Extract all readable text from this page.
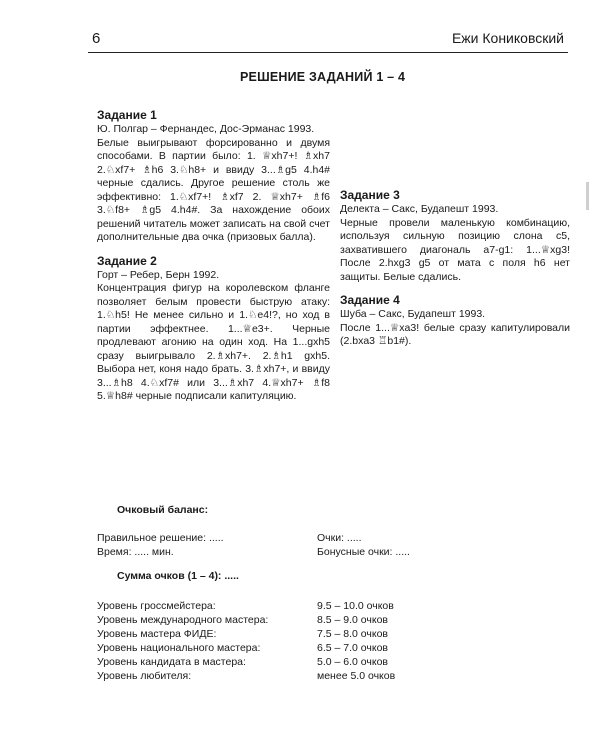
6	Ежи Кониковский
РЕШЕНИЕ ЗАДАНИЙ 1 – 4
Задание 1

Ю. Полгар – Фернандес, Дос-Эрманас 1993.

Белые выигрывают форсированно и двумя способами. В партии было: 1. ♕xh7+! ♗xh7 2.♘xf7+ ♗h6 3.♘h8+ и ввиду 3...♗g5 4.h4# черные сдались. Другое решение столь же эффективно: 1.♘xf7+! ♗xf7 2. ♕xh7+ ♗f6 3.♘f8+ ♗g5 4.h4#. За нахождение обоих решений читатель может записать на свой счет дополнительные два очка (призовых балла).

Задание 2

Горт – Ребер, Берн 1992.

Концентрация фигур на королевском фланге позволяет белым провести быструю атаку: 1.♘h5! Не менее сильно и 1.♘e4!?, но ход в партии эффектнее. 1...♕e3+. Черные продлевают агонию на один ход. На 1...gxh5 сразу выигрывало 2.♗xh7+. 2.♗h1 gxh5. Выбора нет, коня надо брать. 3.♗xh7+, и ввиду 3...♗h8 4.♘xf7# или 3...♗xh7 4.♕xh7+ ♗f8 5.♕h8# черные подписали капитуляцию.

Задание 3

Делекта – Сакс, Будапешт 1993.

Черные провели маленькую комбинацию, используя сильную позицию слона c5, захватившего диагональ a7-g1: 1...♕xg3! После 2.hxg3 g5 от мата с поля h6 нет защиты. Белые сдались.

Задание 4

Шуба – Сакс, Будапешт 1993.

После 1...♕xa3! белые сразу капитулировали (2.bxa3 ♖b1#).

Очковый баланс:
Правильное решение: .....	Очки: .....
Время: ..... мин.	Бонусные очки: .....
Сумма очков (1 – 4): .....
Уровень гроссмейстера:	9.5 – 10.0 очков
Уровень международного мастера:	8.5 – 9.0 очков
Уровень мастера ФИДЕ:	7.5 – 8.0 очков
Уровень национального мастера:	6.5 – 7.0 очков
Уровень кандидата в мастера:	5.0 – 6.0 очков
Уровень любителя:	менее 5.0 очков
